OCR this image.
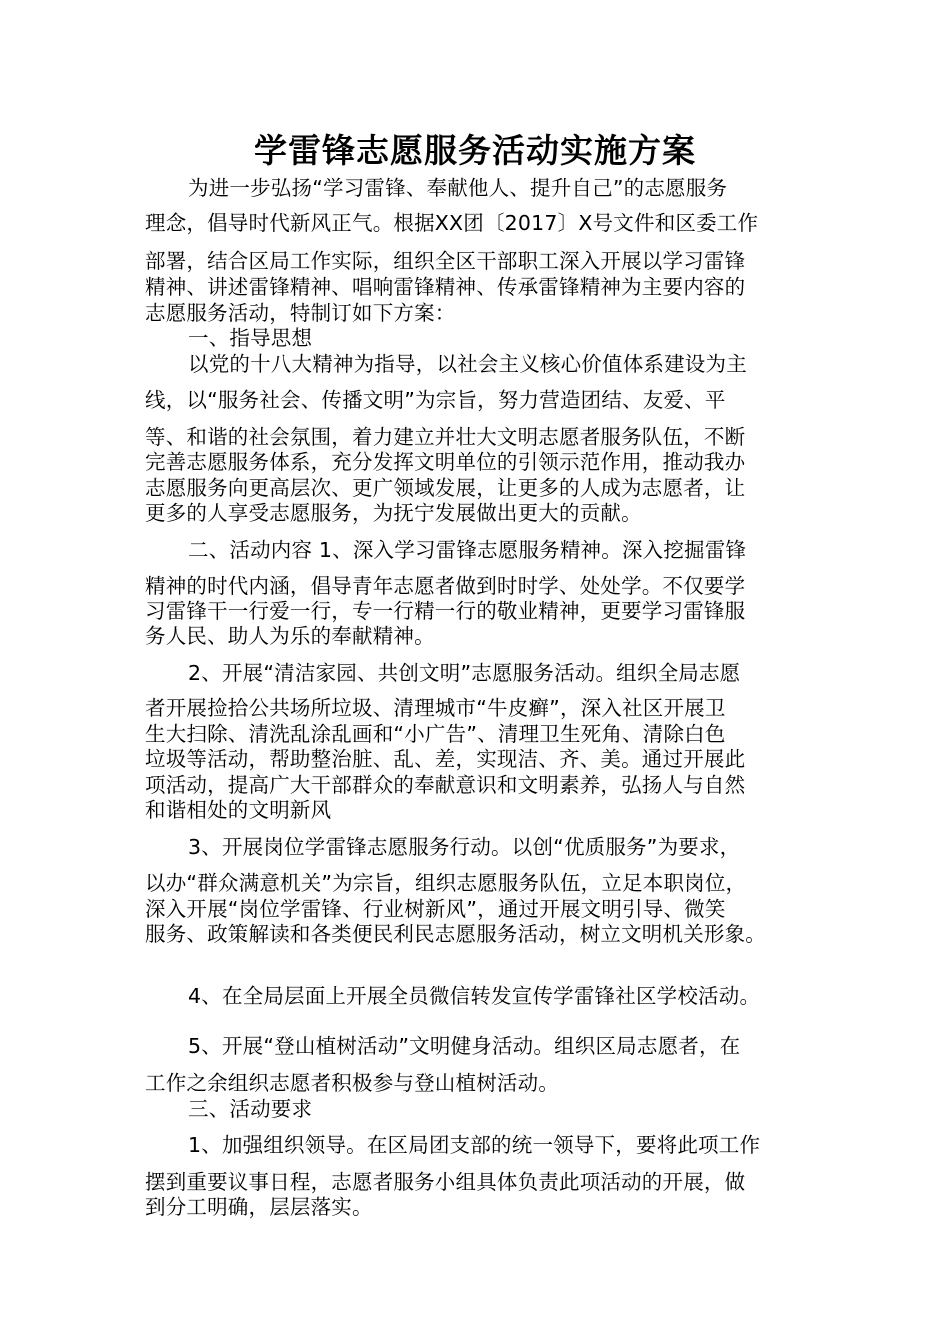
学雷锋志愿服务活动实施方案
为进一步弘扬“学习雷锋、奉献他人、提升自己”的志愿服务
理念，倡导时代新风正气。根据XX团〔2017〕X号文件和区委工作
部署，结合区局工作实际，组织全区干部职工深入开展以学习雷锋
精神、讲述雷锋精神、唱响雷锋精神、传承雷锋精神为主要内容的
志愿服务活动，特制订如下方案：
一、指导思想
以党的十八大精神为指导，以社会主义核心价值体系建设为主
线，以“服务社会、传播文明”为宗旨，努力营造团结、友爱、平
等、和谐的社会氛围，着力建立并壮大文明志愿者服务队伍，不断
完善志愿服务体系，充分发挥文明单位的引领示范作用，推动我办
志愿服务向更高层次、更广领域发展，让更多的人成为志愿者，让
更多的人享受志愿服务，为抚宁发展做出更大的贡献。
二、活动内容 1、深入学习雷锋志愿服务精神。深入挖掘雷锋
精神的时代内涵，倡导青年志愿者做到时时学、处处学。不仅要学
习雷锋干一行爱一行，专一行精一行的敬业精神，更要学习雷锋服
务人民、助人为乐的奉献精神。
2、开展“清洁家园、共创文明”志愿服务活动。组织全局志愿
者开展捡拾公共场所垃圾、清理城市“牛皮癣”，深入社区开展卫
生大扫除、清洗乱涂乱画和“小广告”、清理卫生死角、清除白色
垃圾等活动，帮助整治脏、乱、差，实现洁、齐、美。通过开展此
项活动，提高广大干部群众的奉献意识和文明素养，弘扬人与自然
和谐相处的文明新风
3、开展岗位学雷锋志愿服务行动。以创“优质服务”为要求，
以办“群众满意机关”为宗旨，组织志愿服务队伍，立足本职岗位，
深入开展“岗位学雷锋、行业树新风”，通过开展文明引导、微笑
服务、政策解读和各类便民利民志愿服务活动，树立文明机关形象。
4、在全局层面上开展全员微信转发宣传学雷锋社区学校活动。
5、开展“登山植树活动”文明健身活动。组织区局志愿者，在
工作之余组织志愿者积极参与登山植树活动。
三、活动要求
1、加强组织领导。在区局团支部的统一领导下，要将此项工作
摆到重要议事日程，志愿者服务小组具体负责此项活动的开展，做
到分工明确，层层落实。
